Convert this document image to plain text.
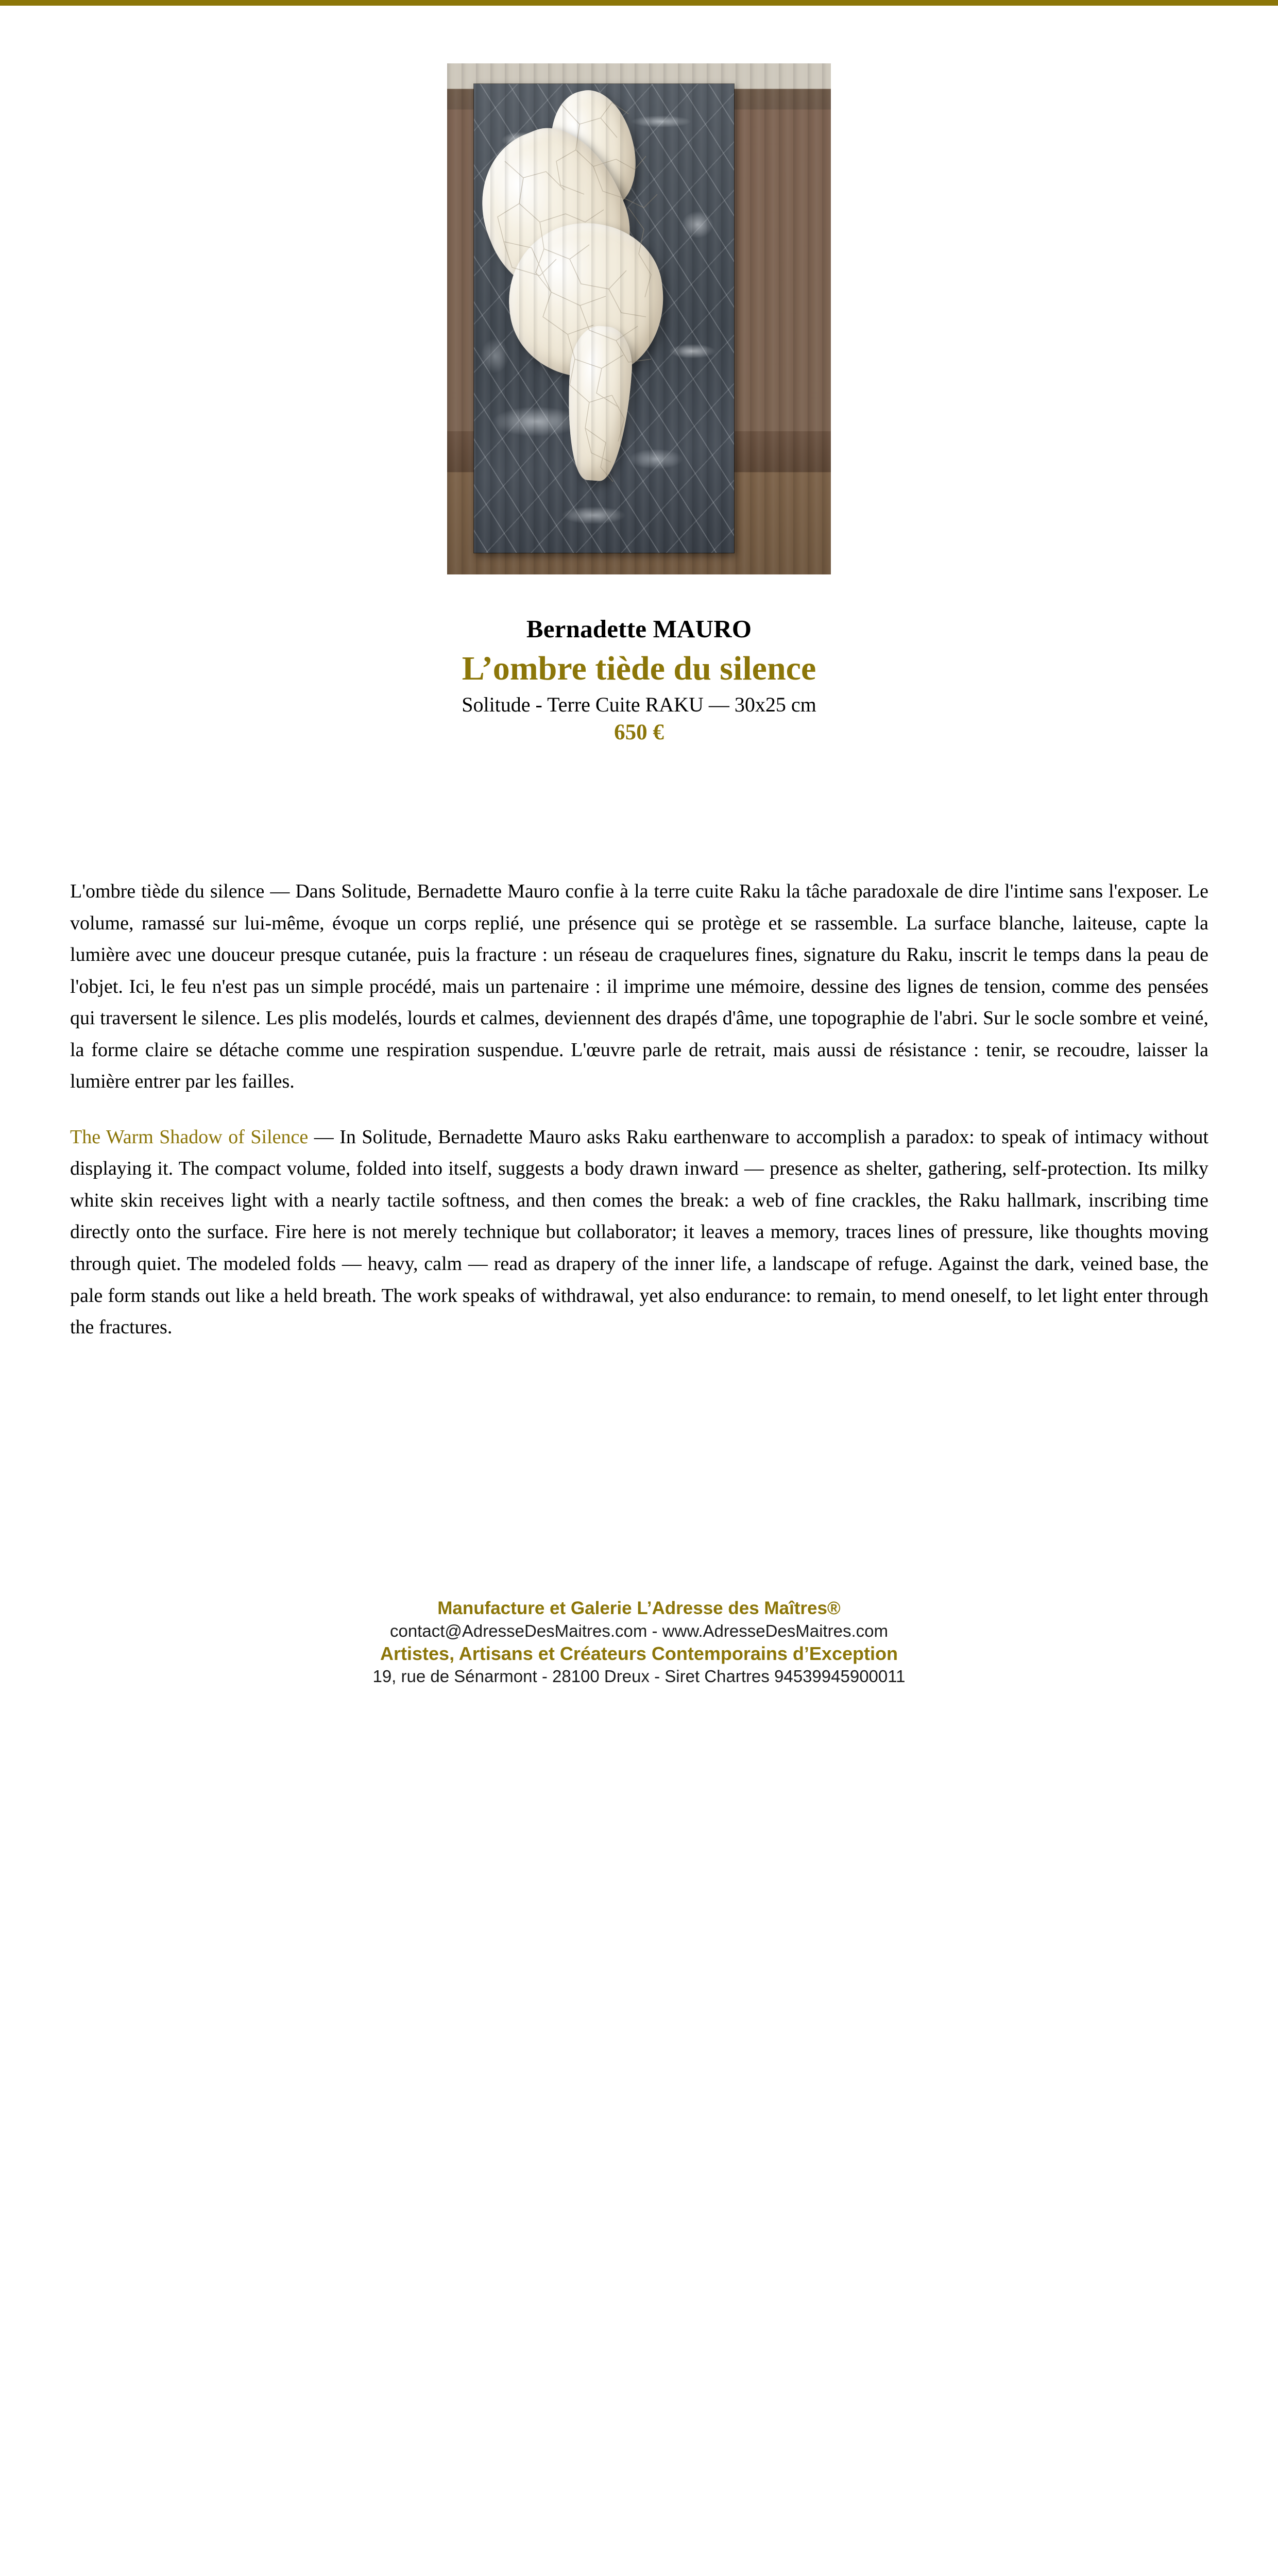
Bernadette MAURO
L’ombre tiède du silence
Solitude - Terre Cuite RAKU — 30x25 cm
650 €

L'ombre tiède du silence — Dans Solitude, Bernadette Mauro confie à la terre cuite Raku la tâche paradoxale de dire l'intime sans l'exposer. Le volume, ramassé sur lui-même, évoque un corps replié, une présence qui se protège et se rassemble. La surface blanche, laiteuse, capte la lumière avec une douceur presque cutanée, puis la fracture : un réseau de craquelures fines, signature du Raku, inscrit le temps dans la peau de l'objet. Ici, le feu n'est pas un simple procédé, mais un partenaire : il imprime une mémoire, dessine des lignes de tension, comme des pensées qui traversent le silence. Les plis modelés, lourds et calmes, deviennent des drapés d'âme, une topographie de l'abri. Sur le socle sombre et veiné, la forme claire se détache comme une respiration suspendue. L'œuvre parle de retrait, mais aussi de résistance : tenir, se recoudre, laisser la lumière entrer par les failles.

The Warm Shadow of Silence — In Solitude, Bernadette Mauro asks Raku earthenware to accomplish a paradox: to speak of intimacy without displaying it. The compact volume, folded into itself, suggests a body drawn inward — presence as shelter, gathering, self-protection. Its milky white skin receives light with a nearly tactile softness, and then comes the break: a web of fine crackles, the Raku hallmark, inscribing time directly onto the surface. Fire here is not merely technique but collaborator; it leaves a memory, traces lines of pressure, like thoughts moving through quiet. The modeled folds — heavy, calm — read as drapery of the inner life, a landscape of refuge. Against the dark, veined base, the pale form stands out like a held breath. The work speaks of withdrawal, yet also endurance: to remain, to mend oneself, to let light enter through the fractures.

Manufacture et Galerie L’Adresse des Maîtres®
contact@AdresseDesMaitres.com - www.AdresseDesMaitres.com
Artistes, Artisans et Créateurs Contemporains d’Exception
19, rue de Sénarmont - 28100 Dreux - Siret Chartres 94539945900011
